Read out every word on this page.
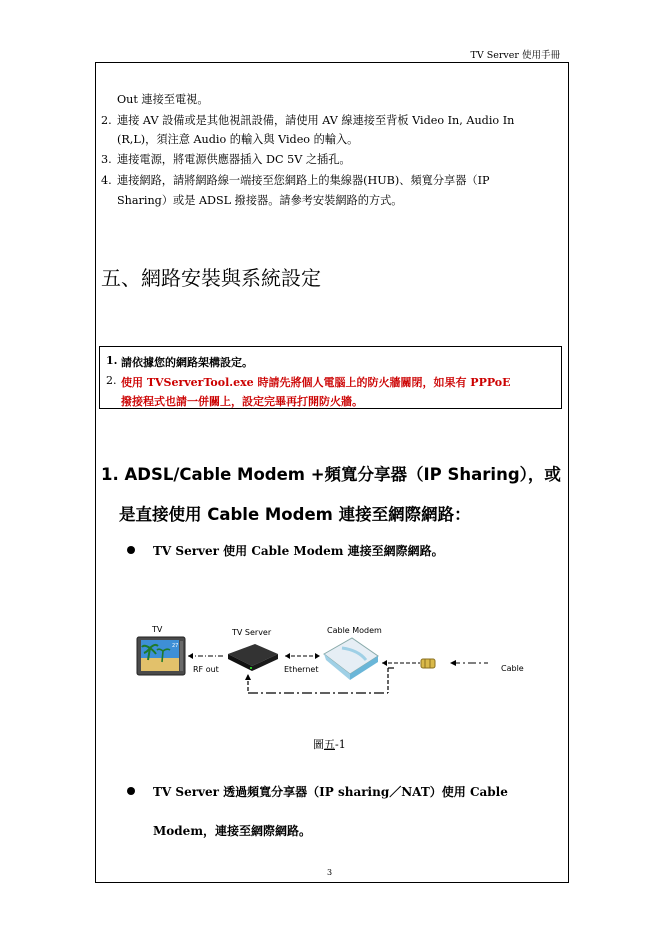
TV Server 使用手冊
Out 連接至電視。
2. 連接 AV 設備或是其他視訊設備，請使用 AV 線連接至背板 Video In, Audio In
(R,L)，須注意 Audio 的輸入與 Video 的輸入。
3. 連接電源，將電源供應器插入 DC 5V 之插孔。
4. 連接網路，請將網路線一端接至您網路上的集線器(HUB)、頻寬分享器（IP
Sharing）或是 ADSL 撥接器。請參考安裝網路的方式。
五、網路安裝與系統設定
1. 請依據您的網路架構設定。
2. 使用 TVServerTool.exe 時請先將個人電腦上的防火牆關閉，如果有 PPPoE
撥接程式也請一併關上，設定完畢再打開防火牆。
1. ADSL/Cable Modem +頻寬分享器（IP Sharing），或
是直接使用 Cable Modem 連接至網際網路：
TV Server 使用 Cable Modem 連接至網際網路。
TV	TV Server	Cable Modem
RF out	Ethernet	Cable
27
圖五-1
TV Server 透過頻寬分享器（IP sharing／NAT）使用 Cable
Modem，連接至網際網路。
3
